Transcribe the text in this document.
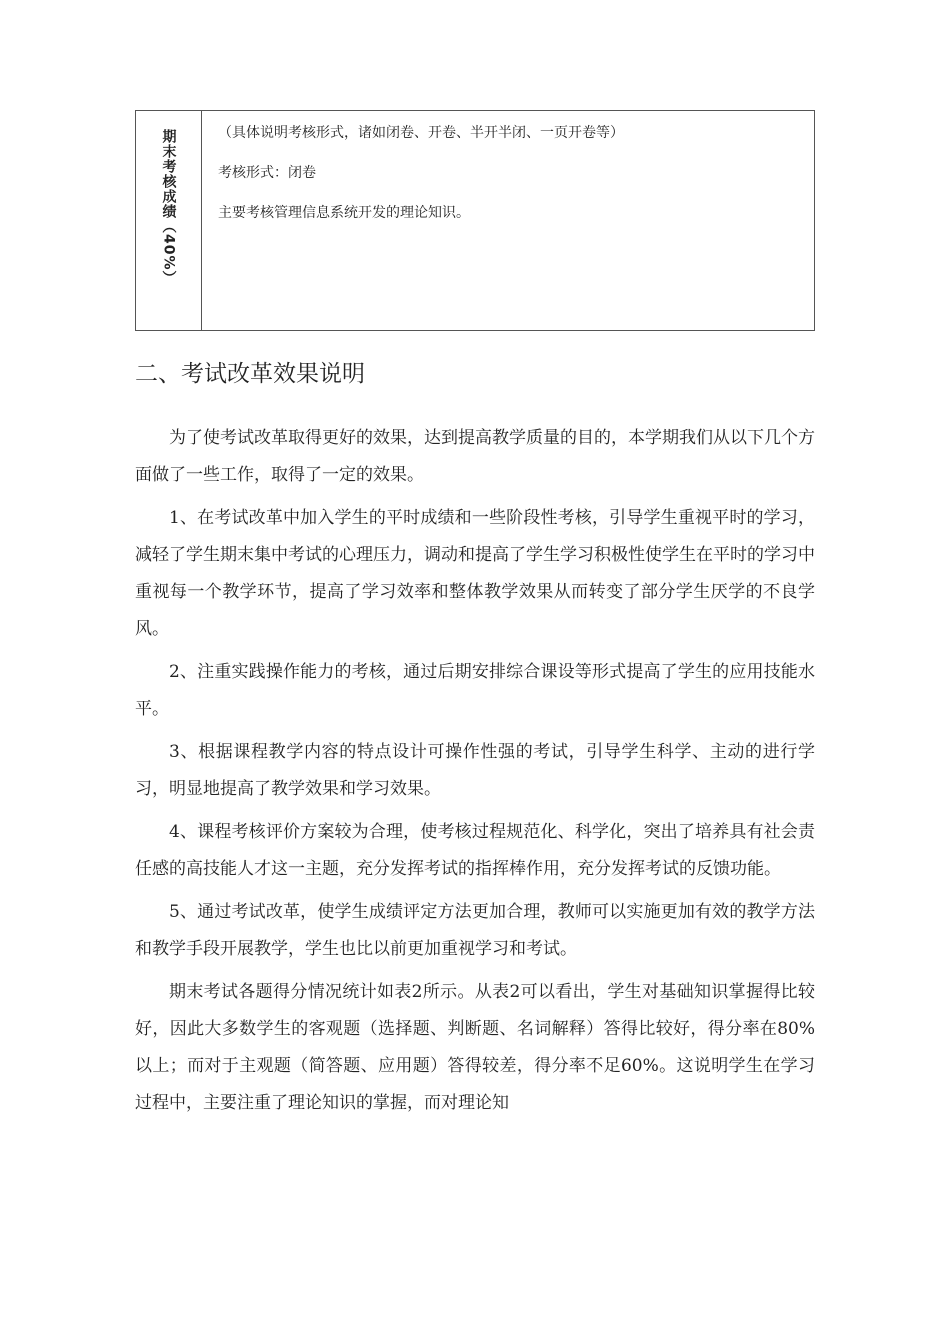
期末考核成绩（40%）	（具体说明考核形式，诸如闭卷、开卷、半开半闭、一页开卷等）

考核形式：闭卷

主要考核管理信息系统开发的理论知识。

二、考试改革效果说明

为了使考试改革取得更好的效果，达到提高教学质量的目的，本学期我们从以下几个方面做了一些工作，取得了一定的效果。

1、在考试改革中加入学生的平时成绩和一些阶段性考核，引导学生重视平时的学习，减轻了学生期末集中考试的心理压力，调动和提高了学生学习积极性使学生在平时的学习中重视每一个教学环节，提高了学习效率和整体教学效果从而转变了部分学生厌学的不良学风。

2、注重实践操作能力的考核，通过后期安排综合课设等形式提高了学生的应用技能水平。

3、根据课程教学内容的特点设计可操作性强的考试，引导学生科学、主动的进行学习，明显地提高了教学效果和学习效果。

4、课程考核评价方案较为合理，使考核过程规范化、科学化，突出了培养具有社会责任感的高技能人才这一主题，充分发挥考试的指挥棒作用，充分发挥考试的反馈功能。

5、通过考试改革，使学生成绩评定方法更加合理，教师可以实施更加有效的教学方法和教学手段开展教学，学生也比以前更加重视学习和考试。

期末考试各题得分情况统计如表2所示。从表2可以看出，学生对基础知识掌握得比较好，因此大多数学生的客观题（选择题、判断题、名词解释）答得比较好，得分率在80%以上；而对于主观题（简答题、应用题）答得较差，得分率不足60%。这说明学生在学习过程中，主要注重了理论知识的掌握，而对理论知
